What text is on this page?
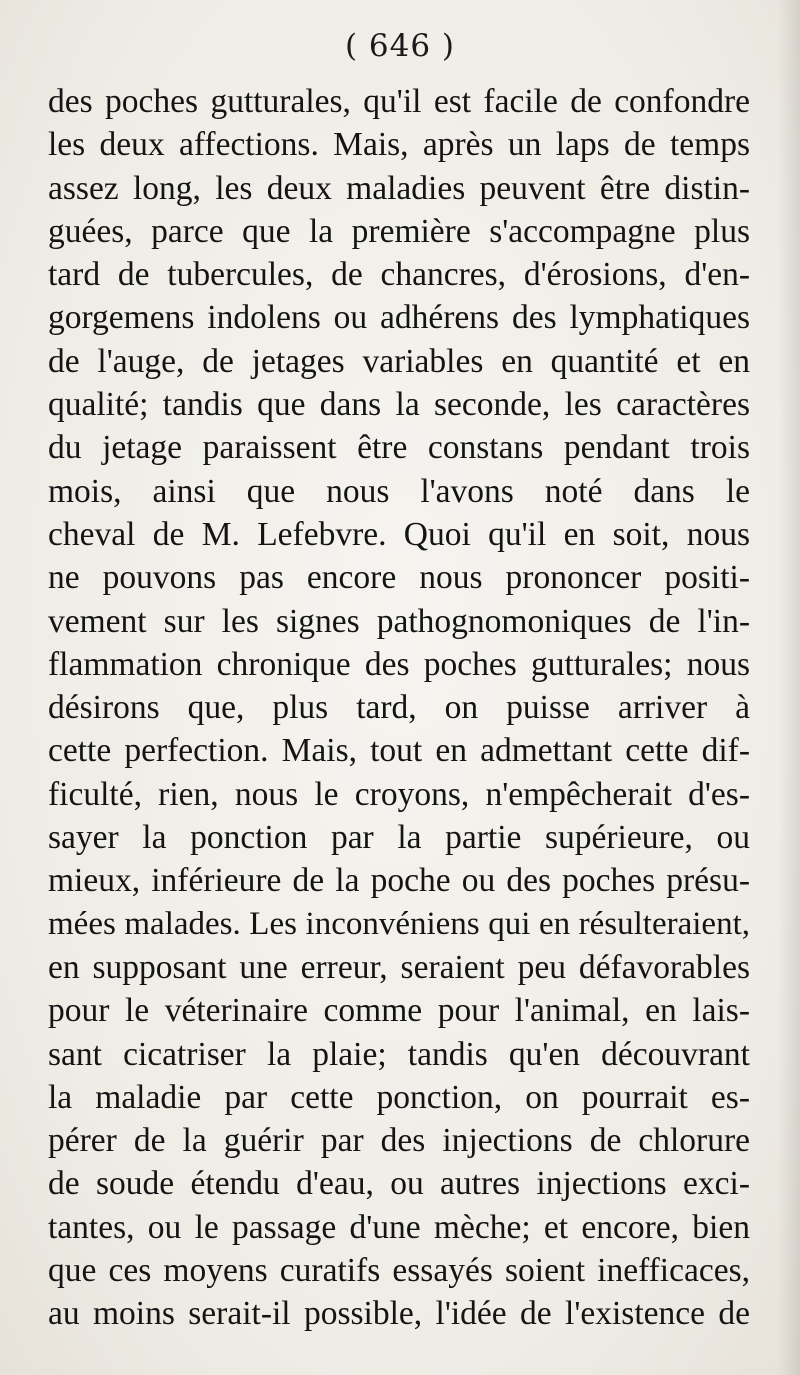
( 646 )
des poches gutturales, qu'il est facile de confondre
les deux affections. Mais, après un laps de temps
assez long, les deux maladies peuvent être distin-
guées, parce que la première s'accompagne plus
tard de tubercules, de chancres, d'érosions, d'en-
gorgemens indolens ou adhérens des lymphatiques
de l'auge, de jetages variables en quantité et en
qualité; tandis que dans la seconde, les caractères
du jetage paraissent être constans pendant trois
mois, ainsi que nous l'avons noté dans le
cheval de M. Lefebvre. Quoi qu'il en soit, nous
ne pouvons pas encore nous prononcer positi-
vement sur les signes pathognomoniques de l'in-
flammation chronique des poches gutturales; nous
désirons que, plus tard, on puisse arriver à
cette perfection. Mais, tout en admettant cette dif-
ficulté, rien, nous le croyons, n'empêcherait d'es-
sayer la ponction par la partie supérieure, ou
mieux, inférieure de la poche ou des poches présu-
mées malades. Les inconvéniens qui en résulteraient,
en supposant une erreur, seraient peu défavorables
pour le véterinaire comme pour l'animal, en lais-
sant cicatriser la plaie; tandis qu'en découvrant
la maladie par cette ponction, on pourrait es-
pérer de la guérir par des injections de chlorure
de soude étendu d'eau, ou autres injections exci-
tantes, ou le passage d'une mèche; et encore, bien
que ces moyens curatifs essayés soient inefficaces,
au moins serait-il possible, l'idée de l'existence de
